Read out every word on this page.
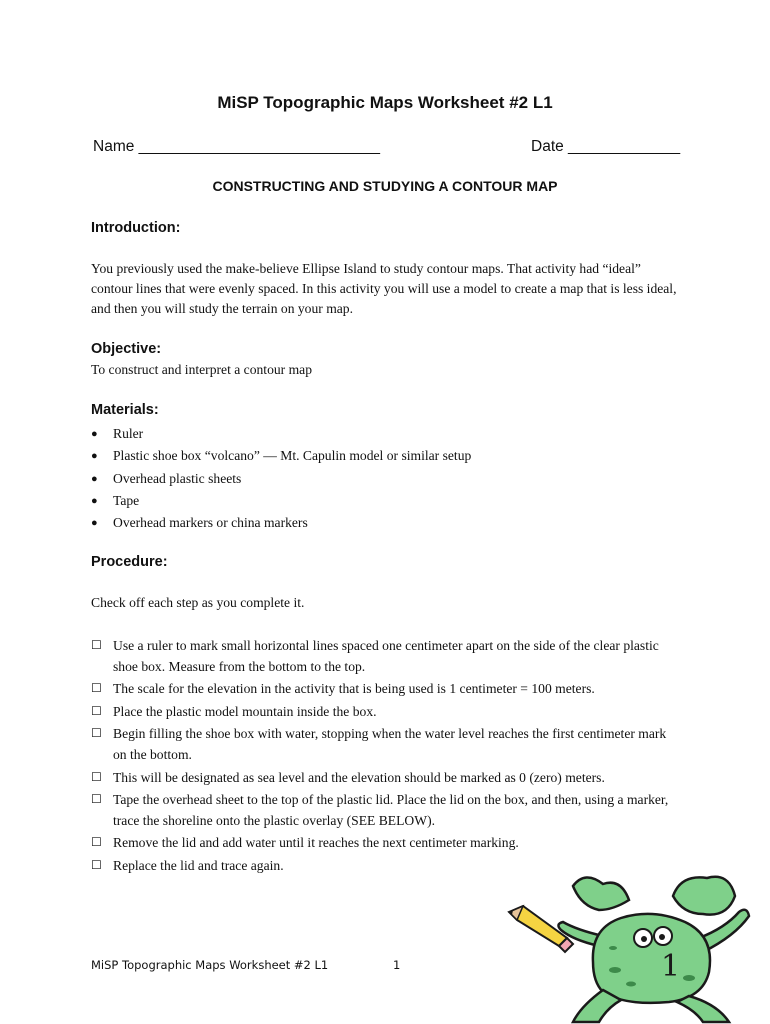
MiSP Topographic Maps Worksheet #2 L1
Name ____________________________	Date _____________
CONSTRUCTING AND STUDYING A CONTOUR MAP
Introduction:
You previously used the make-believe Ellipse Island to study contour maps. That activity had “ideal” contour lines that were evenly spaced. In this activity you will use a model to create a map that is less ideal, and then you will study the terrain on your map.
Objective:
To construct and interpret a contour map
Materials:
●	Ruler
●	Plastic shoe box “volcano” — Mt. Capulin model or similar setup
●	Overhead plastic sheets
●	Tape
●	Overhead markers or china markers
Procedure:
Check off each step as you complete it.
☐ Use a ruler to mark small horizontal lines spaced one centimeter apart on the side of the clear plastic shoe box. Measure from the bottom to the top.
☐ The scale for the elevation in the activity that is being used is 1 centimeter = 100 meters.
☐ Place the plastic model mountain inside the box.
☐ Begin filling the shoe box with water, stopping when the water level reaches the first centimeter mark on the bottom.
☐ This will be designated as sea level and the elevation should be marked as 0 (zero) meters.
☐ Tape the overhead sheet to the top of the plastic lid. Place the lid on the box, and then, using a marker, trace the shoreline onto the plastic overlay (SEE BELOW).
☐ Remove the lid and add water until it reaches the next centimeter marking.
☐ Replace the lid and trace again.
1
MiSP Topographic Maps Worksheet #2 L1	1
